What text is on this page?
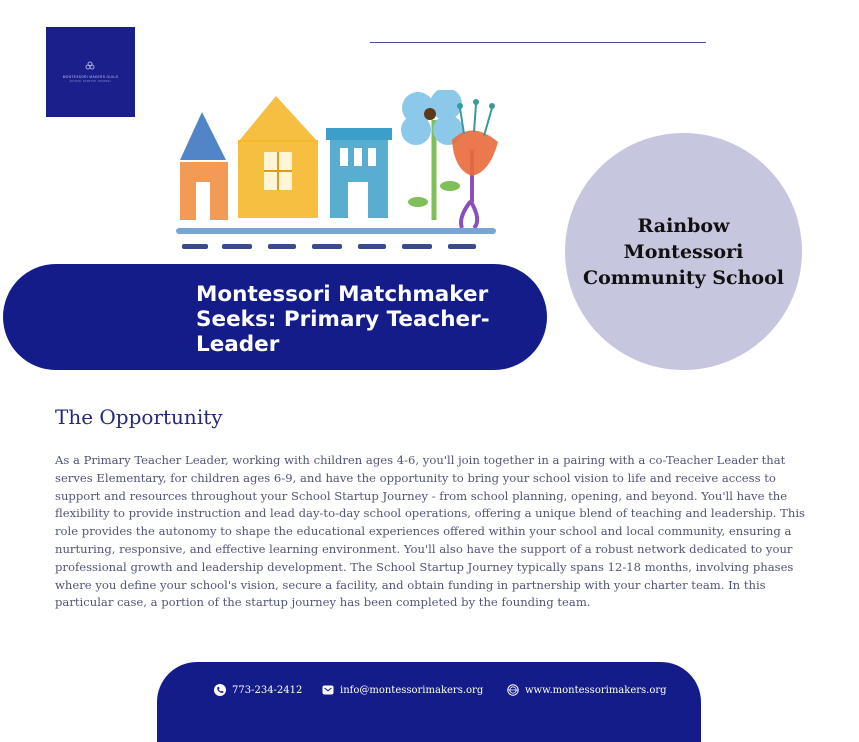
MONTESSORI MAKERS GUILD
SCHOOL STARTUP JOURNEY
Rainbow Montessori Community School
Montessori Matchmaker Seeks: Primary Teacher-Leader
The Opportunity
As a Primary Teacher Leader, working with children ages 4-6, you'll join together in a pairing with a co-Teacher Leader that serves Elementary, for children ages 6-9, and have the opportunity to bring your school vision to life and receive access to support and resources throughout your School Startup Journey - from school planning, opening, and beyond. You'll have the flexibility to provide instruction and lead day-to-day school operations, offering a unique blend of teaching and leadership. This role provides the autonomy to shape the educational experiences offered within your school and local community, ensuring a nurturing, responsive, and effective learning environment. You'll also have the support of a robust network dedicated to your professional growth and leadership development. The School Startup Journey typically spans 12-18 months, involving phases where you define your school's vision, secure a facility, and obtain funding in partnership with your charter team. In this particular case, a portion of the startup journey has been completed by the founding team.
773-234-2412	info@montessorimakers.org	www.montessorimakers.org
